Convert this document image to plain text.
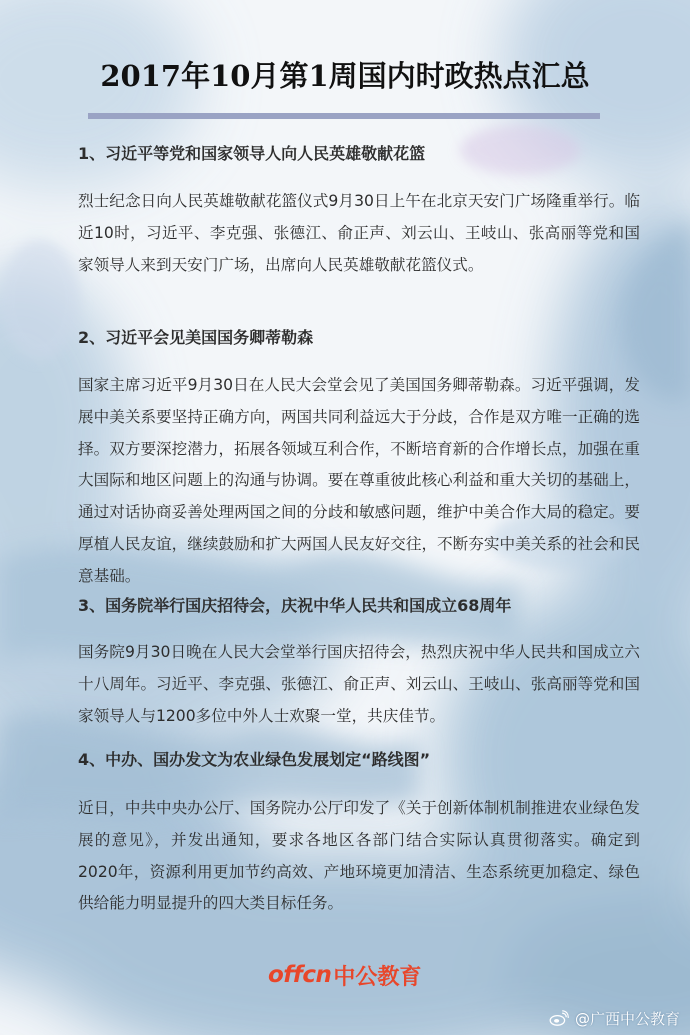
2017年10月第1周国内时政热点汇总
1、习近平等党和国家领导人向人民英雄敬献花篮

烈士纪念日向人民英雄敬献花篮仪式9月30日上午在北京天安门广场隆重举行。临近10时，习近平、李克强、张德江、俞正声、刘云山、王岐山、张高丽等党和国家领导人来到天安门广场，出席向人民英雄敬献花篮仪式。

2、习近平会见美国国务卿蒂勒森

国家主席习近平9月30日在人民大会堂会见了美国国务卿蒂勒森。习近平强调，发展中美关系要坚持正确方向，两国共同利益远大于分歧，合作是双方唯一正确的选择。双方要深挖潜力，拓展各领域互利合作，不断培育新的合作增长点，加强在重大国际和地区问题上的沟通与协调。要在尊重彼此核心利益和重大关切的基础上，通过对话协商妥善处理两国之间的分歧和敏感问题，维护中美合作大局的稳定。要厚植人民友谊，继续鼓励和扩大两国人民友好交往，不断夯实中美关系的社会和民意基础。

3、国务院举行国庆招待会，庆祝中华人民共和国成立68周年

国务院9月30日晚在人民大会堂举行国庆招待会，热烈庆祝中华人民共和国成立六十八周年。习近平、李克强、张德江、俞正声、刘云山、王岐山、张高丽等党和国家领导人与1200多位中外人士欢聚一堂，共庆佳节。

4、中办、国办发文为农业绿色发展划定“路线图”

近日，中共中央办公厅、国务院办公厅印发了《关于创新体制机制推进农业绿色发展的意见》，并发出通知，要求各地区各部门结合实际认真贯彻落实。确定到2020年，资源利用更加节约高效、产地环境更加清洁、生态系统更加稳定、绿色供给能力明显提升的四大类目标任务。

offcn 中公教育
@广西中公教育
